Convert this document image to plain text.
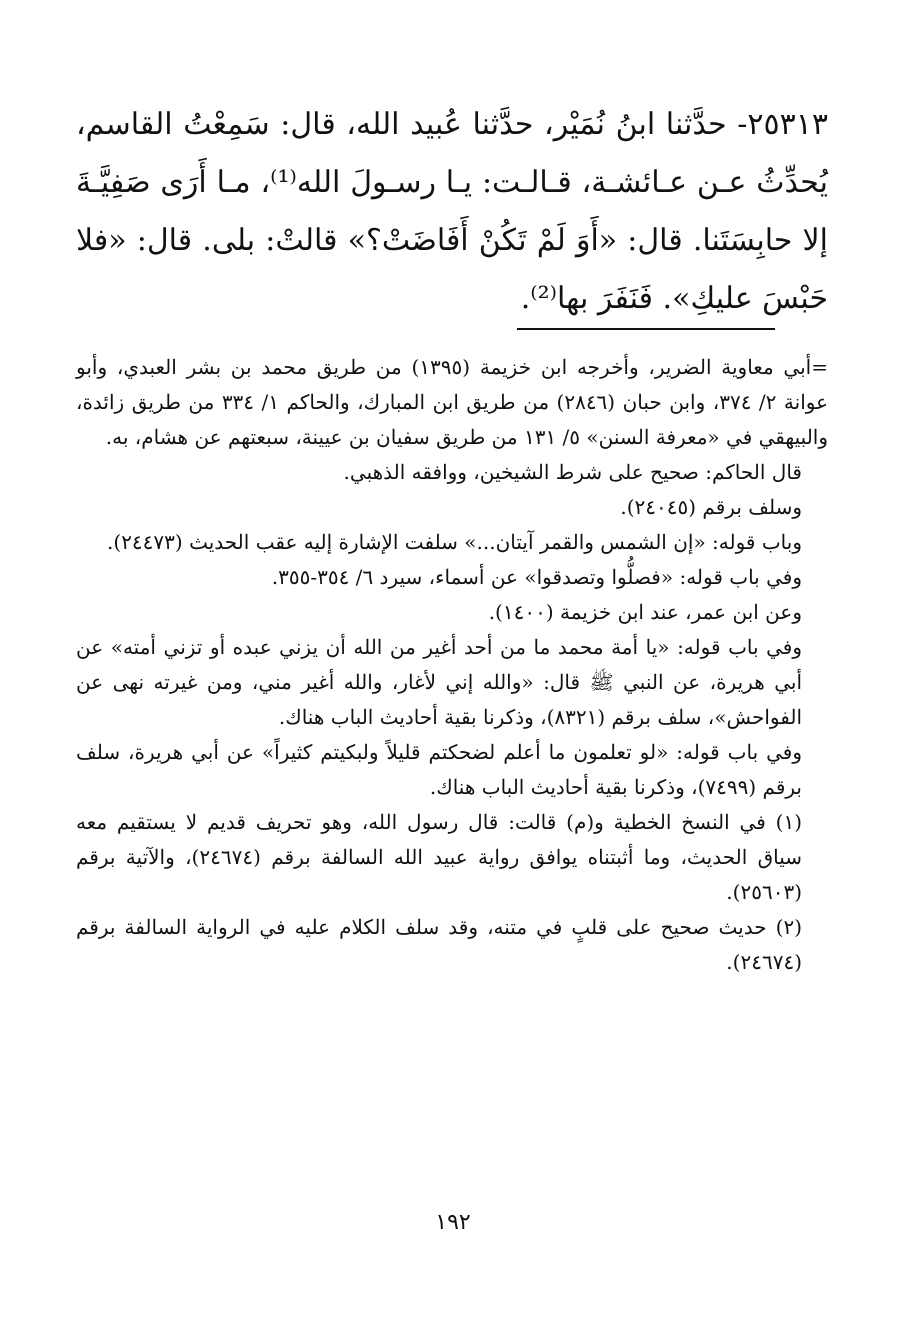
٢٥٣١٣- حدَّثنا ابنُ نُمَيْر، حدَّثنا عُبيد الله، قال: سَمِعْتُ القاسم، يُحدِّثُ عـن عـائشـة، قـالـت: يـا رسـولَ الله⁽¹⁾، مـا أَرَى صَفِيَّـةَ إلا حابِسَتَنا. قال: «أَوَ لَمْ تَكُنْ أَفَاضَتْ؟» قالتْ: بلى. قال: «فلا حَبْسَ عليكِ». فَنَفَرَ بها⁽²⁾.

=أبي معاوية الضرير، وأخرجه ابن خزيمة (١٣٩٥) من طريق محمد بن بشر العبدي، وأبو عوانة ٢/ ٣٧٤، وابن حبان (٢٨٤٦) من طريق ابن المبارك، والحاكم ١/ ٣٣٤ من طريق زائدة، والبيهقي في «معرفة السنن» ٥/ ١٣١ من طريق سفيان بن عيينة، سبعتهم عن هشام، به.

قال الحاكم: صحيح على شرط الشيخين، ووافقه الذهبي.

وسلف برقم (٢٤٠٤٥).

وباب قوله: «إن الشمس والقمر آيتان...» سلفت الإشارة إليه عقب الحديث (٢٤٤٧٣).

وفي باب قوله: «فصلُّوا وتصدقوا» عن أسماء، سيرد ٦/ ٣٥٤-٣٥٥.

وعن ابن عمر، عند ابن خزيمة (١٤٠٠).

وفي باب قوله: «يا أمة محمد ما من أحد أغير من الله أن يزني عبده أو تزني أمته» عن أبي هريرة، عن النبي ﷺ قال: «والله إني لأغار، والله أغير مني، ومن غيرته نهى عن الفواحش»، سلف برقم (٨٣٢١)، وذكرنا بقية أحاديث الباب هناك.

وفي باب قوله: «لو تعلمون ما أعلم لضحكتم قليلاً ولبكيتم كثيراً» عن أبي هريرة، سلف برقم (٧٤٩٩)، وذكرنا بقية أحاديث الباب هناك.

(١) في النسخ الخطية و(م) قالت: قال رسول الله، وهو تحريف قديم لا يستقيم معه سياق الحديث، وما أثبتناه يوافق رواية عبيد الله السالفة برقم (٢٤٦٧٤)، والآتية برقم (٢٥٦٠٣).

(٢) حديث صحيح على قلبٍ في متنه، وقد سلف الكلام عليه في الرواية السالفة برقم (٢٤٦٧٤).

١٩٢
